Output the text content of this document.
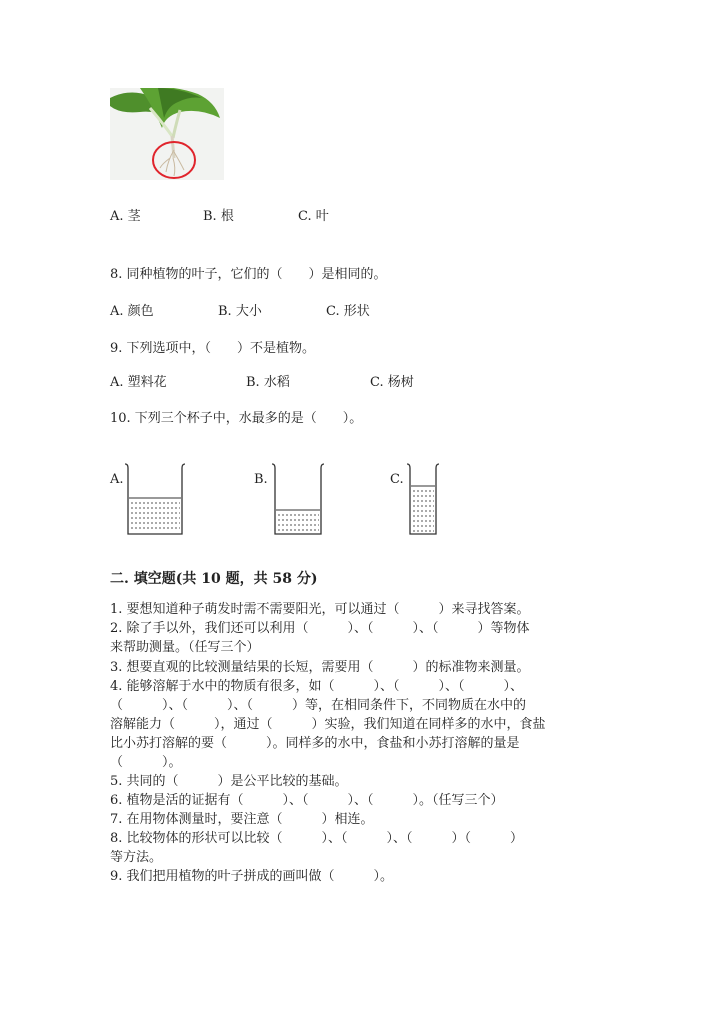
A. 茎	B. 根	C. 叶
8. 同种植物的叶子，它们的（　　）是相同的。
A. 颜色	B. 大小	C. 形状
9. 下列选项中，（　　）不是植物。
A. 塑料花	B. 水稻	C. 杨树
10. 下列三个杯子中，水最多的是（　　）。
A.	B.	C.
二. 填空题(共 10 题，共 58 分)
1. 要想知道种子萌发时需不需要阳光，可以通过（　　　）来寻找答案。
2. 除了手以外，我们还可以利用（　　　）、（　　　）、（　　　）等物体
来帮助测量。（任写三个）
3. 想要直观的比较测量结果的长短，需要用（　　　）的标准物来测量。
4. 能够溶解于水中的物质有很多，如（　　　）、（　　　）、（　　　）、
（　　　）、（　　　）、（　　　）等，在相同条件下，不同物质在水中的
溶解能力（　　　），通过（　　　）实验，我们知道在同样多的水中，食盐
比小苏打溶解的要（　　　）。同样多的水中，食盐和小苏打溶解的量是
（　　　）。
5. 共同的（　　　）是公平比较的基础。
6. 植物是活的证据有（　　　）、（　　　）、（　　　）。（任写三个）
7. 在用物体测量时，要注意（　　　）相连。
8. 比较物体的形状可以比较（　　　）、（　　　）、（　　　）（　　　）
等方法。
9. 我们把用植物的叶子拼成的画叫做（　　　）。
